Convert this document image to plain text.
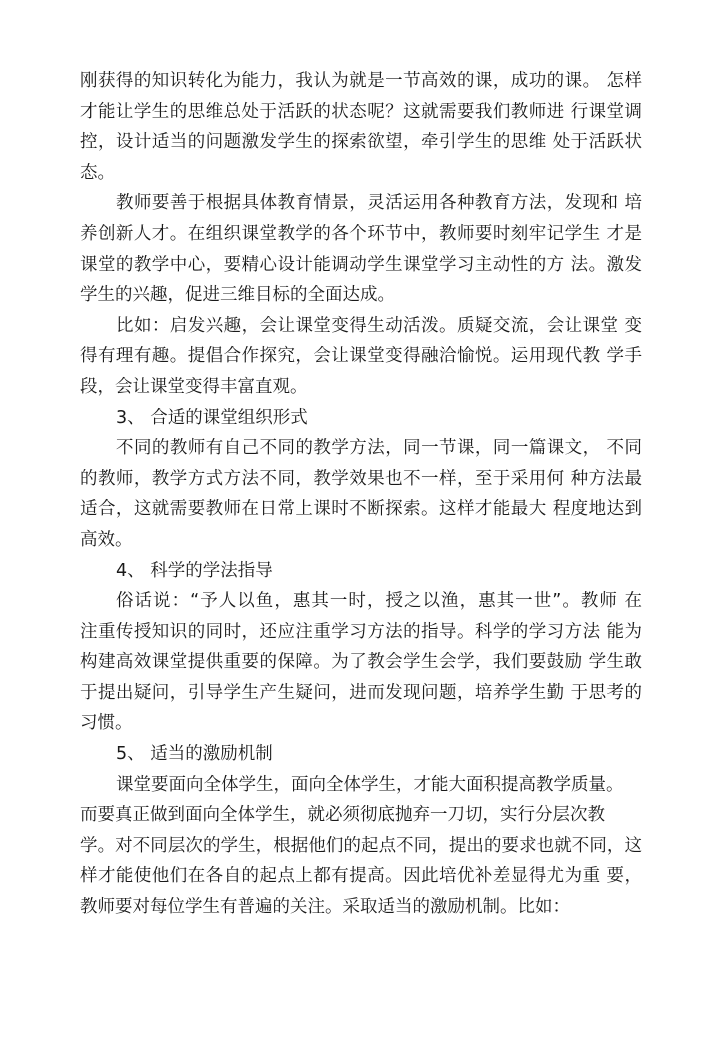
刚获得的知识转化为能力，我认为就是一节高效的课，成功的课。 怎样
才能让学生的思维总处于活跃的状态呢？这就需要我们教师进 行课堂调
控，设计适当的问题激发学生的探索欲望，牵引学生的思维 处于活跃状
态。

教师要善于根据具体教育情景，灵活运用各种教育方法，发现和 培
养创新人才。在组织课堂教学的各个环节中，教师要时刻牢记学生 才是
课堂的教学中心，要精心设计能调动学生课堂学习主动性的方 法。激发
学生的兴趣，促进三维目标的全面达成。

比如：启发兴趣，会让课堂变得生动活泼。质疑交流，会让课堂 变
得有理有趣。提倡合作探究，会让课堂变得融洽愉悦。运用现代教 学手
段，会让课堂变得丰富直观。

3、 合适的课堂组织形式

不同的教师有自己不同的教学方法，同一节课，同一篇课文， 不同
的教师，教学方式方法不同，教学效果也不一样，至于采用何 种方法最
适合，这就需要教师在日常上课时不断探索。这样才能最大 程度地达到
高效。

4、 科学的学法指导

俗话说：“予人以鱼，惠其一时，授之以渔，惠其一世”。教师 在
注重传授知识的同时，还应注重学习方法的指导。科学的学习方法 能为
构建高效课堂提供重要的保障。为了教会学生会学，我们要鼓励 学生敢
于提出疑问，引导学生产生疑问，进而发现问题，培养学生勤 于思考的
习惯。

5、 适当的激励机制

课堂要面向全体学生，面向全体学生，才能大面积提高教学质量。
而要真正做到面向全体学生，就必须彻底抛弃一刀切，实行分层次教
学。对不同层次的学生，根据他们的起点不同，提出的要求也就不同，这
样才能使他们在各自的起点上都有提高。因此培优补差显得尤为重 要，
教师要对每位学生有普遍的关注。采取适当的激励机制。比如：
